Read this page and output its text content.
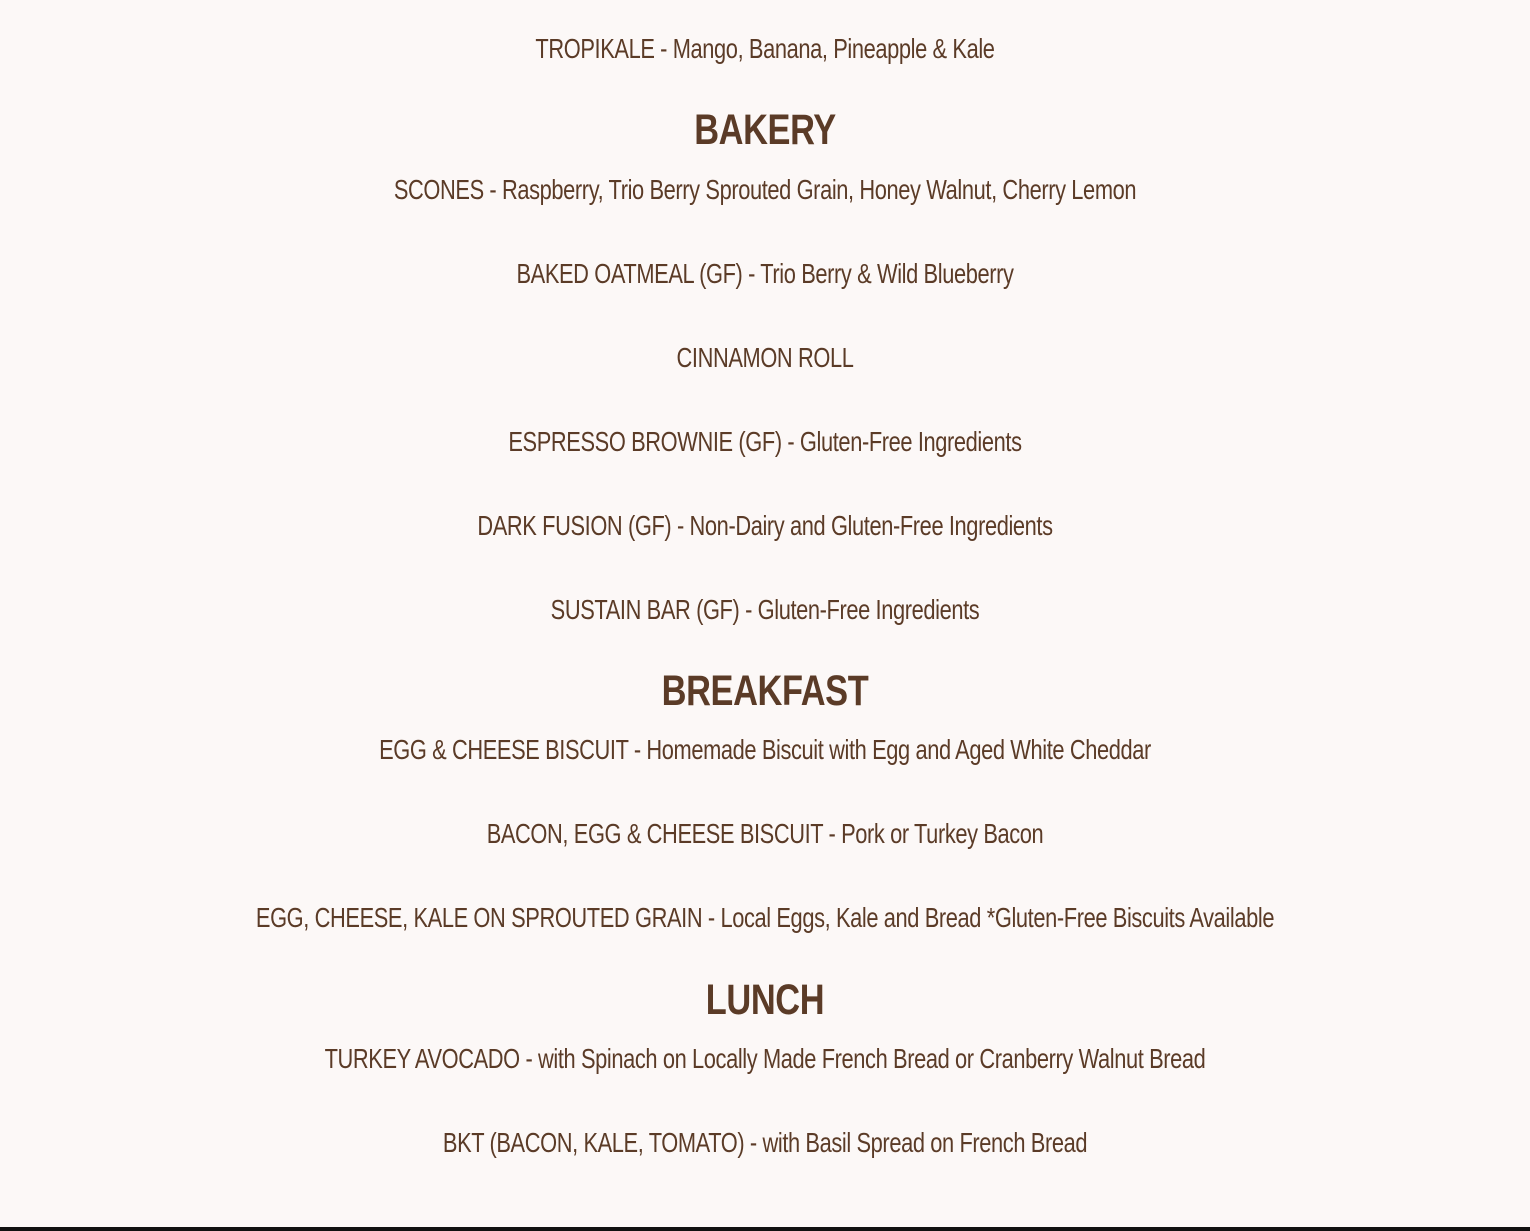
TROPIKALE - Mango, Banana, Pineapple & Kale
BAKERY
SCONES - Raspberry, Trio Berry Sprouted Grain, Honey Walnut, Cherry Lemon
BAKED OATMEAL (GF) - Trio Berry & Wild Blueberry
CINNAMON ROLL
ESPRESSO BROWNIE (GF) - Gluten-Free Ingredients
DARK FUSION (GF) - Non-Dairy and Gluten-Free Ingredients
SUSTAIN BAR (GF) - Gluten-Free Ingredients
BREAKFAST
EGG & CHEESE BISCUIT - Homemade Biscuit with Egg and Aged White Cheddar
BACON, EGG & CHEESE BISCUIT - Pork or Turkey Bacon
EGG, CHEESE, KALE ON SPROUTED GRAIN - Local Eggs, Kale and Bread *Gluten-Free Biscuits Available
LUNCH
TURKEY AVOCADO - with Spinach on Locally Made French Bread or Cranberry Walnut Bread
BKT (BACON, KALE, TOMATO) - with Basil Spread on French Bread
